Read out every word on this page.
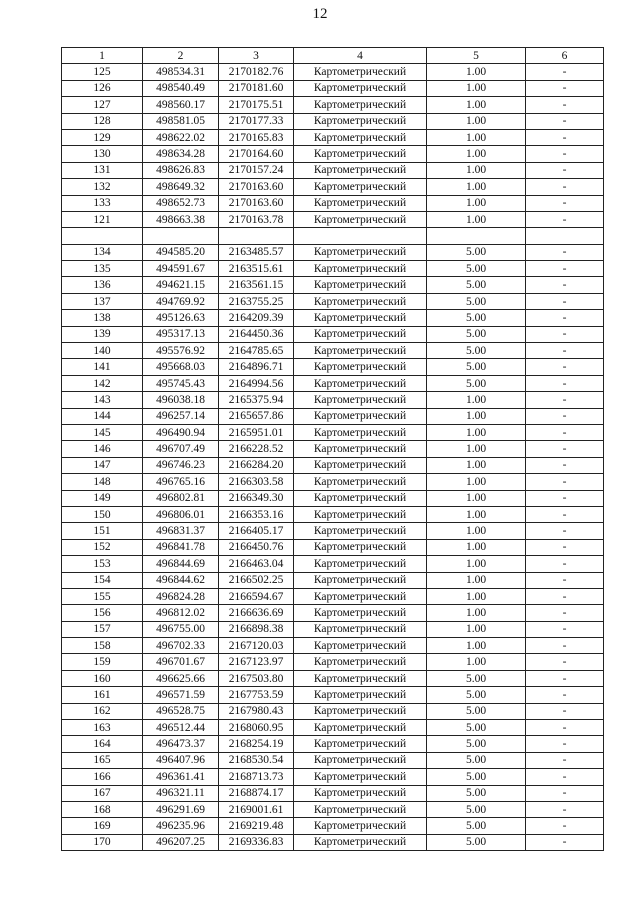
12
1	2	3	4	5	6
125	498534.31	2170182.76	Картометрический	1.00	-
126	498540.49	2170181.60	Картометрический	1.00	-
127	498560.17	2170175.51	Картометрический	1.00	-
128	498581.05	2170177.33	Картометрический	1.00	-
129	498622.02	2170165.83	Картометрический	1.00	-
130	498634.28	2170164.60	Картометрический	1.00	-
131	498626.83	2170157.24	Картометрический	1.00	-
132	498649.32	2170163.60	Картометрический	1.00	-
133	498652.73	2170163.60	Картометрический	1.00	-
121	498663.38	2170163.78	Картометрический	1.00	-

134	494585.20	2163485.57	Картометрический	5.00	-
135	494591.67	2163515.61	Картометрический	5.00	-
136	494621.15	2163561.15	Картометрический	5.00	-
137	494769.92	2163755.25	Картометрический	5.00	-
138	495126.63	2164209.39	Картометрический	5.00	-
139	495317.13	2164450.36	Картометрический	5.00	-
140	495576.92	2164785.65	Картометрический	5.00	-
141	495668.03	2164896.71	Картометрический	5.00	-
142	495745.43	2164994.56	Картометрический	5.00	-
143	496038.18	2165375.94	Картометрический	1.00	-
144	496257.14	2165657.86	Картометрический	1.00	-
145	496490.94	2165951.01	Картометрический	1.00	-
146	496707.49	2166228.52	Картометрический	1.00	-
147	496746.23	2166284.20	Картометрический	1.00	-
148	496765.16	2166303.58	Картометрический	1.00	-
149	496802.81	2166349.30	Картометрический	1.00	-
150	496806.01	2166353.16	Картометрический	1.00	-
151	496831.37	2166405.17	Картометрический	1.00	-
152	496841.78	2166450.76	Картометрический	1.00	-
153	496844.69	2166463.04	Картометрический	1.00	-
154	496844.62	2166502.25	Картометрический	1.00	-
155	496824.28	2166594.67	Картометрический	1.00	-
156	496812.02	2166636.69	Картометрический	1.00	-
157	496755.00	2166898.38	Картометрический	1.00	-
158	496702.33	2167120.03	Картометрический	1.00	-
159	496701.67	2167123.97	Картометрический	1.00	-
160	496625.66	2167503.80	Картометрический	5.00	-
161	496571.59	2167753.59	Картометрический	5.00	-
162	496528.75	2167980.43	Картометрический	5.00	-
163	496512.44	2168060.95	Картометрический	5.00	-
164	496473.37	2168254.19	Картометрический	5.00	-
165	496407.96	2168530.54	Картометрический	5.00	-
166	496361.41	2168713.73	Картометрический	5.00	-
167	496321.11	2168874.17	Картометрический	5.00	-
168	496291.69	2169001.61	Картометрический	5.00	-
169	496235.96	2169219.48	Картометрический	5.00	-
170	496207.25	2169336.83	Картометрический	5.00	-
